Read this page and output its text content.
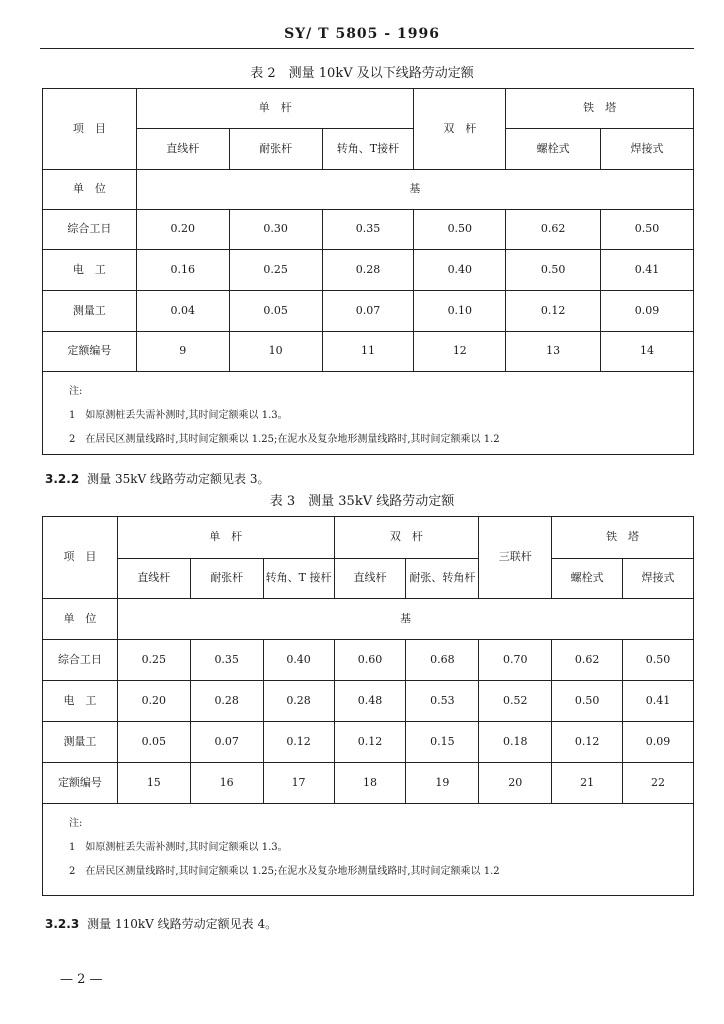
SY/ T 5805 - 1996
表 2　测量 10kV 及以下线路劳动定额
项　目	单　杆			双　杆	铁　塔	
	直线杆	耐张杆	转角、T接杆		螺栓式	焊接式
单　位	基					
综合工日	0.20	0.30	0.35	0.50	0.62	0.50
电　工	0.16	0.25	0.28	0.40	0.50	0.41
测量工	0.04	0.05	0.07	0.10	0.12	0.09
定额编号	9	10	11	12	13	14

注:
1　如原测桩丢失需补测时,其时间定额乘以 1.3。
2　在居民区测量线路时,其时间定额乘以 1.25;在泥水及复杂地形测量线路时,其时间定额乘以 1.2						
3.2.2 测量 35kV 线路劳动定额见表 3。
表 3　测量 35kV 线路劳动定额
项　目	单　杆			双　杆		三联杆	铁　塔	
	直线杆	耐张杆	转角、T 接杆	直线杆	耐张、转角杆		螺栓式	焊接式
单　位	基							
综合工日	0.25	0.35	0.40	0.60	0.68	0.70	0.62	0.50
电　工	0.20	0.28	0.28	0.48	0.53	0.52	0.50	0.41
测量工	0.05	0.07	0.12	0.12	0.15	0.18	0.12	0.09
定额编号	15	16	17	18	19	20	21	22

注:
1　如原测桩丢失需补测时,其时间定额乘以 1.3。
2　在居民区测量线路时,其时间定额乘以 1.25;在泥水及复杂地形测量线路时,其时间定额乘以 1.2								
3.2.3 测量 110kV 线路劳动定额见表 4。
— 2 —
